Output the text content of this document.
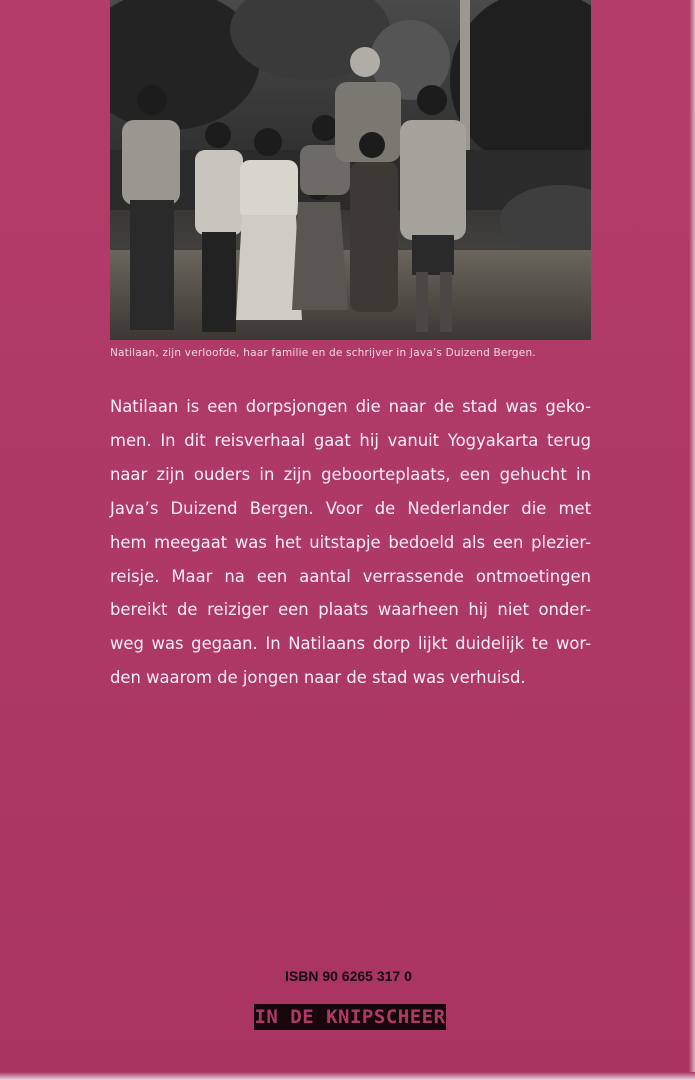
Natilaan, zijn verloofde, haar familie en de schrijver in Java’s Duizend Bergen.
Natilaan is een dorpsjongen die naar de stad was geko-
men. In dit reisverhaal gaat hij vanuit Yogyakarta terug
naar zijn ouders in zijn geboorteplaats, een gehucht in
Java’s Duizend Bergen. Voor de Nederlander die met
hem meegaat was het uitstapje bedoeld als een plezier-
reisje. Maar na een aantal verrassende ontmoetingen
bereikt de reiziger een plaats waarheen hij niet onder-
weg was gegaan. In Natilaans dorp lijkt duidelijk te wor-
den waarom de jongen naar de stad was verhuisd.
ISBN 90 6265 317 0
IN DE KNIPSCHEER
